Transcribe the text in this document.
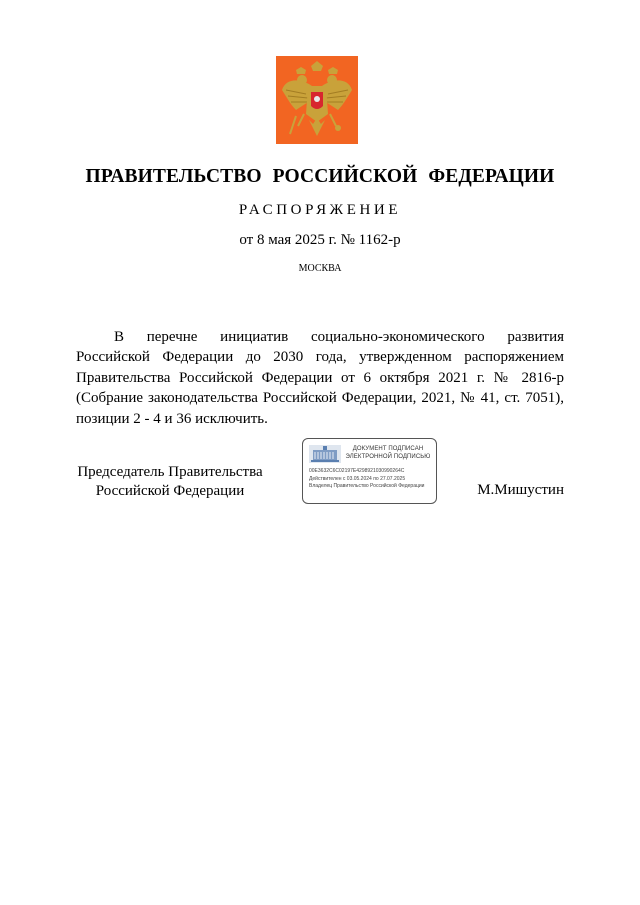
ПРАВИТЕЛЬСТВО РОССИЙСКОЙ ФЕДЕРАЦИИ
РАСПОРЯЖЕНИЕ
от 8 мая 2025 г. № 1162-р
МОСКВА
В перечне инициатив социально-экономического развития Российской Федерации до 2030 года, утвержденном распоряжением Правительства Российской Федерации от 6 октября 2021 г. № 2816-р (Собрание законодательства Российской Федерации, 2021, № 41, ст. 7051), позиции 2 - 4 и 36 исключить.
Председатель Правительства
Российской Федерации
ДОКУМЕНТ ПОДПИСАН
ЭЛЕКТРОННОЙ ПОДПИСЬЮ
00E3632C6C02197E4298921030990264C
Действителен с 03.05.2024 по 27.07.2025
Владелец Правительство Российской Федерации	М.Мишустин
